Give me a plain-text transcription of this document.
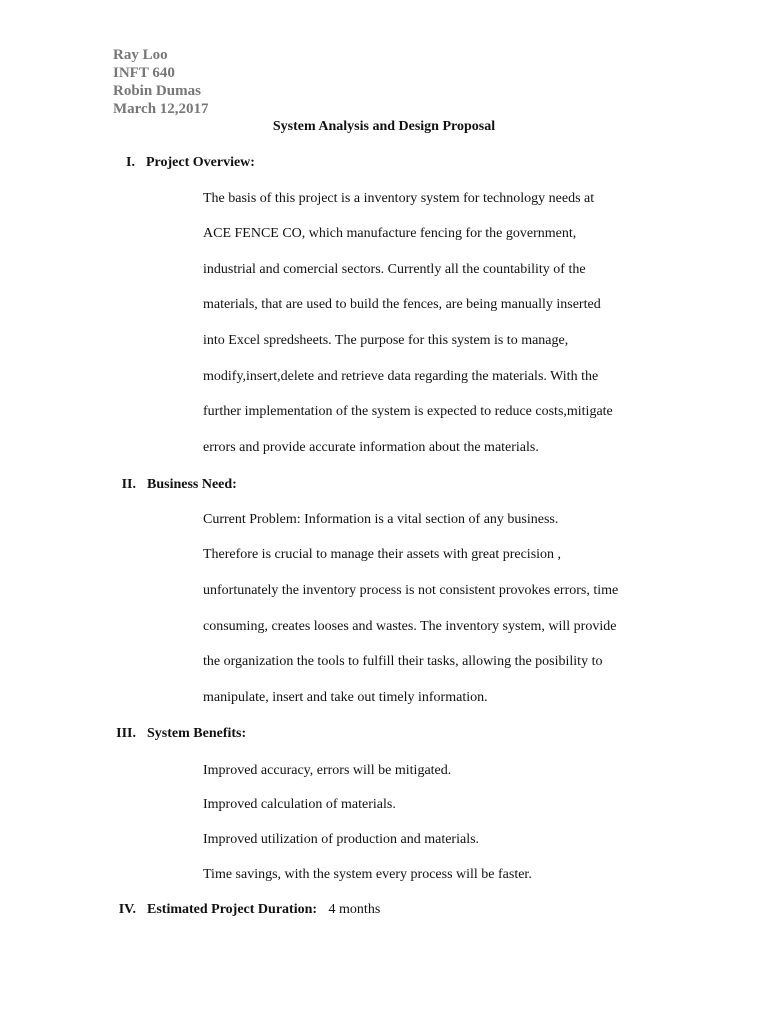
Ray Loo
INFT 640
Robin Dumas
March 12,2017
System Analysis and Design Proposal
I. Project Overview:
The basis of this project is a inventory system for technology needs at
ACE FENCE CO, which manufacture fencing for the government,
industrial and comercial sectors. Currently all the countability of the
materials, that are used to build the fences, are being manually inserted
into Excel spredsheets. The purpose for this system is to manage,
modify,insert,delete and retrieve data regarding the materials. With the
further implementation of the system is expected to reduce costs,mitigate
errors and provide accurate information about the materials.
II. Business Need:
Current Problem: Information is a vital section of any business.
Therefore is crucial to manage their assets with great precision ,
unfortunately the inventory process is not consistent provokes errors, time
consuming, creates looses and wastes. The inventory system, will provide
the organization the tools to fulfill their tasks, allowing the posibility to
manipulate, insert and take out timely information.
III. System Benefits:
Improved accuracy, errors will be mitigated.
Improved calculation of materials.
Improved utilization of production and materials.
Time savings, with the system every process will be faster.
IV. Estimated Project Duration: 4 months
